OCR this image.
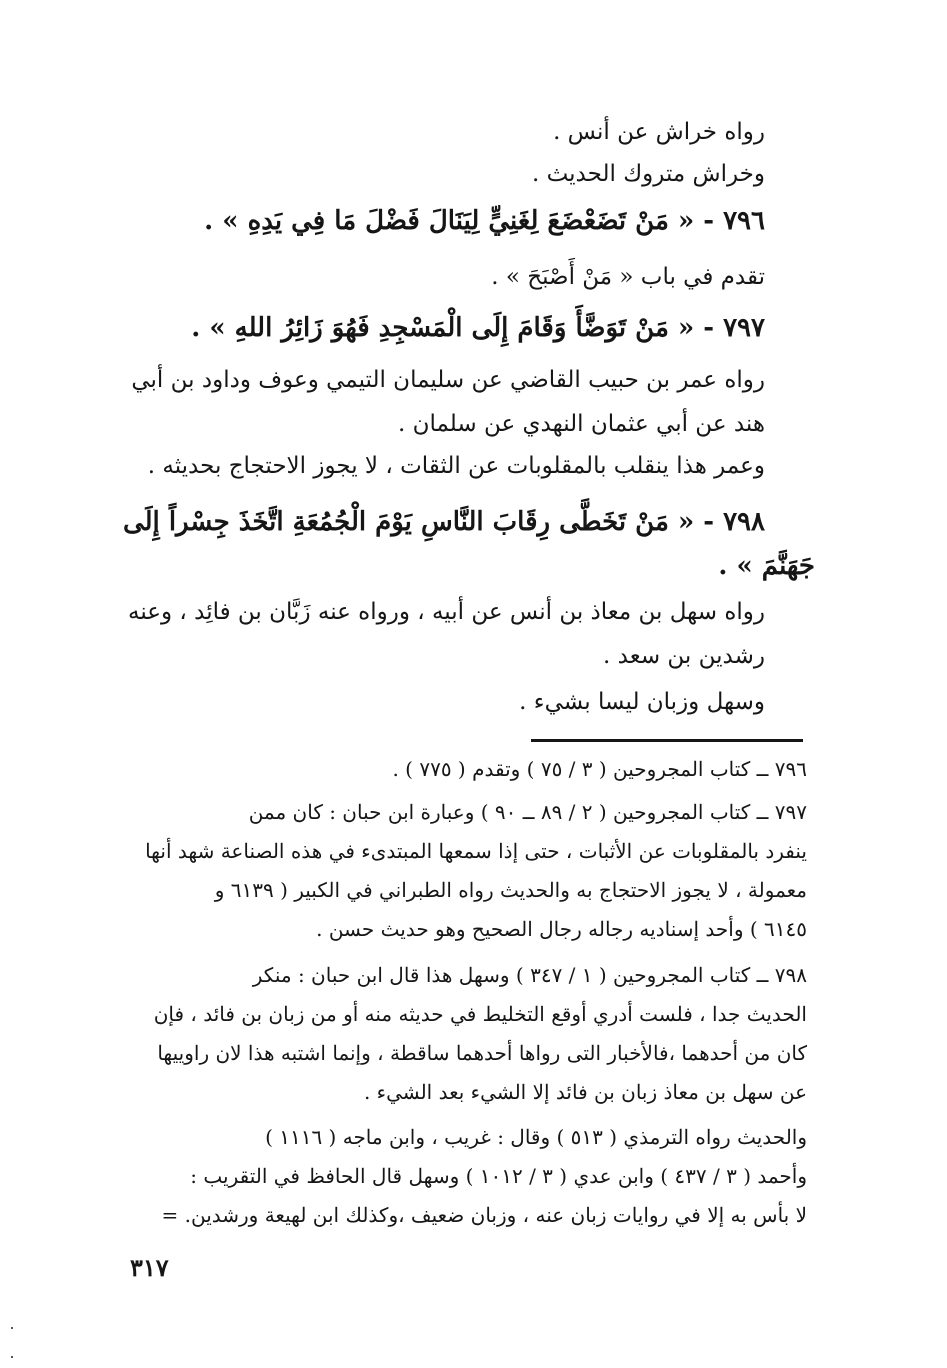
رواه خراش عن أنس .
وخراش متروك الحديث .
٧٩٦ - « مَنْ تَضَعْضَعَ لِغَنِيٍّ لِيَنَالَ فَضْلَ مَا فِي يَدِهِ » .
تقدم في باب « مَنْ أَصْبَحَ » .
٧٩٧ - « مَنْ تَوَضَّأَ وَقَامَ إِلَى الْمَسْجِدِ فَهُوَ زَائِرُ اللهِ » .
رواه عمر بن حبيب القاضي عن سليمان التيمي وعوف وداود بن أبي
هند عن أبي عثمان النهدي عن سلمان .
وعمر هذا ينقلب بالمقلوبات عن الثقات ، لا يجوز الاحتجاج بحديثه .
٧٩٨ - « مَنْ تَخَطَّى رِقَابَ النَّاسِ يَوْمَ الْجُمُعَةِ اتَّخَذَ جِسْراً إِلَى
جَهَنَّمَ » .
رواه سهل بن معاذ بن أنس عن أبيه ، ورواه عنه زَبَّان بن فائِد ، وعنه
رشدين بن سعد .
وسهل وزبان ليسا بشيء .
٧٩٦ ــ كتاب المجروحين ( ٣ / ٧٥ ) وتقدم ( ٧٧٥ ) .
٧٩٧ ــ كتاب المجروحين ( ٢ / ٨٩ ــ ٩٠ ) وعبارة ابن حبان : كان ممن
ينفرد بالمقلوبات عن الأثبات ، حتى إذا سمعها المبتدىء في هذه الصناعة شهد أنها
معمولة ، لا يجوز الاحتجاج به والحديث رواه الطبراني في الكبير ( ٦١٣٩ و
٦١٤٥ ) وأحد إسناديه رجاله رجال الصحيح وهو حديث حسن .
٧٩٨ ــ كتاب المجروحين ( ١ / ٣٤٧ ) وسهل هذا قال ابن حبان : منكر
الحديث جدا ، فلست أدري أوقع التخليط في حديثه منه أو من زبان بن فائد ، فإن
كان من أحدهما ،فالأخبار التى رواها أحدهما ساقطة ، وإنما اشتبه هذا لان راوييها
عن سهل بن معاذ زبان بن فائد إلا الشيء بعد الشيء .
والحديث رواه الترمذي ( ٥١٣ ) وقال : غريب ، وابن ماجه ( ١١١٦ )
وأحمد ( ٣ / ٤٣٧ ) وابن عدي ( ٣ / ١٠١٢ ) وسهل قال الحافظ في التقريب :
لا بأس به إلا في روايات زبان عنه ، وزبان ضعيف ،وكذلك ابن لهيعة ورشدين. =
٣١٧
